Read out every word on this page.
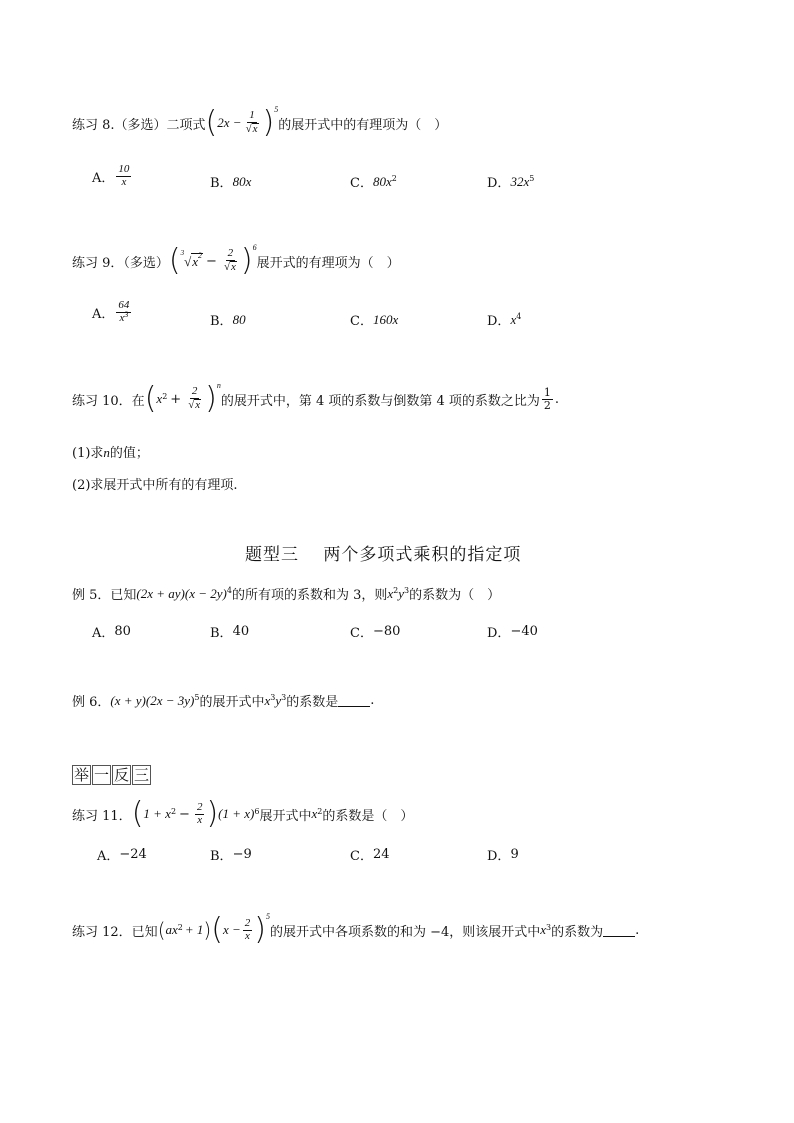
练习 8.（多选）二项式 ( $2x - \frac{1}{√x} )^5$
的展开式中的有理项为（　）
A． $\frac{10}{x}$	B． 80x	C． $80x^2$	D． $32x^5$
练习 9．（多选） ( $^3√x^2 - \frac{2}{√x} )^6$
展开式的有理项为（　）
A． $\frac{64}{x^3}$	B． 80	C． 160x	D． $x^4$
练习 10．在 ( $x^2 + \frac{2}{√x} )^n$
的展开式中，第 4 项的系数与倒数第 4 项的系数之比为 $\frac{1}{2}$ .
(1)求n的值；
(2)求展开式中所有的有理项.
题型三　 两个多项式乘积的指定项
例 5．已知 $(2x + ay)(x - 2y)^4$ 的所有项的系数和为 3，则 $x^2$ $y^3$ 的系数为（　）
A． 80	B． 40	C． −80	D． −40
例 6． $(x + y)(2x - 3y)^5$ 的展开式中 $x^3$ $y^3$ 的系数是 .
举 一 反 三
练习 11． ( $1 + x^2 - \frac{2}{x}$ ) $(1 + x)^6$ 展开式中 $x^2$ 的系数是（　）
A． −24	B． −9	C． 24	D． 9
练习 12．已知 ( $ax^2 + 1$ ) ( $x - \frac{2}{x} )^5$
的展开式中各项系数的和为 −4，则该展开式中 $x^3$ 的系数为 .
